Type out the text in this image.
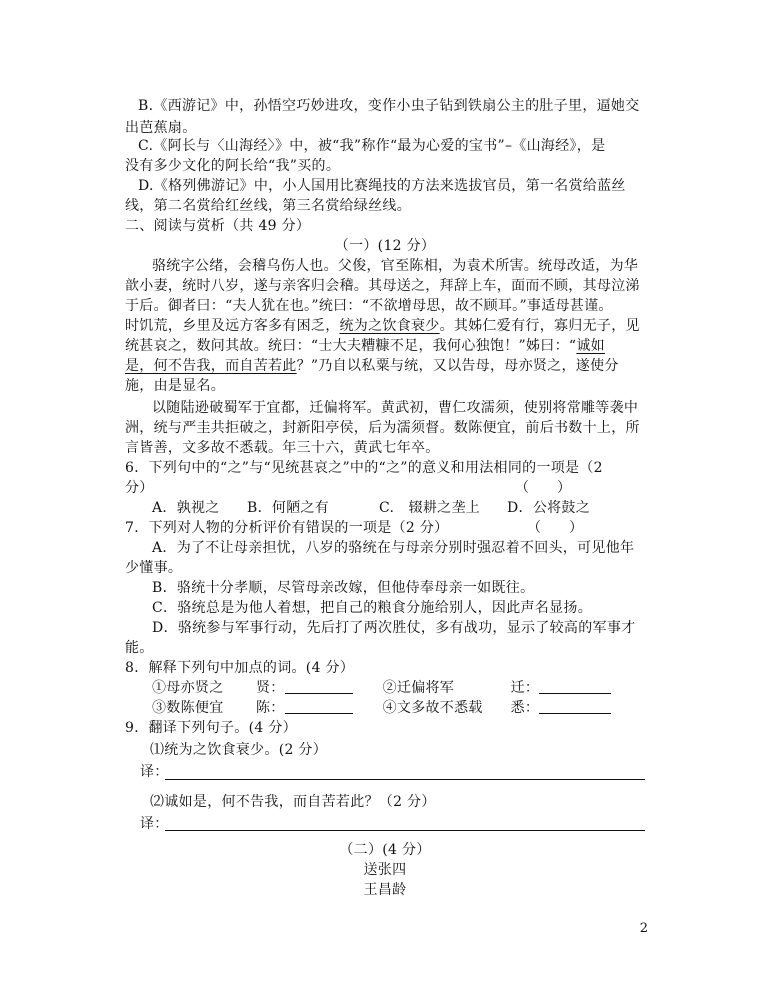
B.《西游记》中，孙悟空巧妙进攻，变作小虫子钻到铁扇公主的肚子里，逼她交
出芭蕉扇。
C.《阿长与〈山海经〉》中，被“我”称作“最为心爱的宝书”–《山海经》，是
没有多少文化的阿长给“我”买的。
D.《格列佛游记》中，小人国用比赛绳技的方法来选拔官员，第一名赏给蓝丝
线，第二名赏给红丝线，第三名赏给绿丝线。
二、阅读与赏析（共 49 分）
（一）(12 分）
骆统字公绪，会稽乌伤人也。父俊，官至陈相，为袁术所害。统母改适，为华
歆小妻，统时八岁，遂与亲客归会稽。其母送之，拜辞上车，面而不顾，其母泣涕
于后。御者曰：“夫人犹在也。”统曰：“不欲增母思，故不顾耳。”事适母甚谨。
时饥荒，乡里及远方客多有困乏，统为之饮食衰少。其姊仁爱有行，寡归无子，见
统甚哀之，数问其故。统曰：“士大夫糟糠不足，我何心独饱！”姊曰：“诚如
是，何不告我，而自苦若此？”乃自以私粟与统，又以告母，母亦贤之，遂使分
施，由是显名。
以随陆逊破蜀军于宜都，迁偏将军。黄武初，曹仁攻濡须，使别将常雕等袭中
洲，统与严圭共拒破之，封新阳亭侯，后为濡须督。数陈便宜，前后书数十上，所
言皆善，文多故不悉载。年三十六，黄武七年卒。
6．下列句中的“之”与“见统甚哀之”中的“之”的意义和用法相同的一项是（2
分）	（　　）
A．孰视之 B．何陋之有	C.　辍耕之垄上 D．公将鼓之
7．下列对人物的分析评价有错误的一项是（2 分）	（　　）
A．为了不让母亲担忧，八岁的骆统在与母亲分别时强忍着不回头，可见他年
少懂事。
B．骆统十分孝顺，尽管母亲改嫁，但他侍奉母亲一如既往。
C．骆统总是为他人着想，把自己的粮食分施给别人，因此声名显扬。
D．骆统参与军事行动，先后打了两次胜仗，多有战功，显示了较高的军事才
能。
8．解释下列句中加点的词。(4 分）
①母亦贤之 贤：	②迁偏将军	迁：
③数陈便宜 陈：	④文多故不悉载 悉：
9．翻译下列句子。(4 分）
⑴统为之饮食衰少。(2 分）
译：
⑵诚如是，何不告我，而自苦若此？（2 分）
译：
（二）(4 分）
送张四
王昌龄
2
